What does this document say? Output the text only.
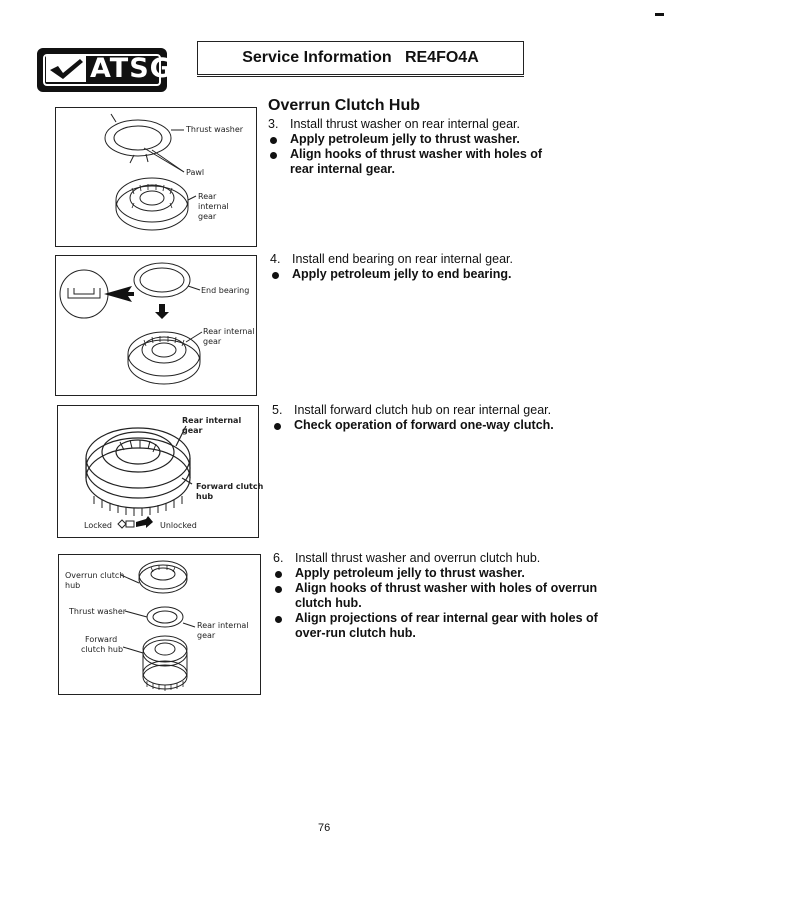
ATSG	Service Information   RE4FO4A
Overrun Clutch Hub
3. Install thrust washer on rear internal gear.
Apply petroleum jelly to thrust washer.
Align hooks of thrust washer with holes of rear internal gear.
4. Install end bearing on rear internal gear.
Apply petroleum jelly to end bearing.
5. Install forward clutch hub on rear internal gear.
Check operation of forward one-way clutch.
6. Install thrust washer and overrun clutch hub.
Apply petroleum jelly to thrust washer.
Align hooks of thrust washer with holes of overrun clutch hub.
Align projections of rear internal gear with holes of over-run clutch hub.
Thrust washer
Pawl
Rear
internal
gear
End bearing
Rear internal
gear
Rear internal
gear
Forward clutch
hub
Locked	Unlocked
Overrun clutch
hub
Thrust washer
Rear internal
gear
Forward
clutch hub
76
